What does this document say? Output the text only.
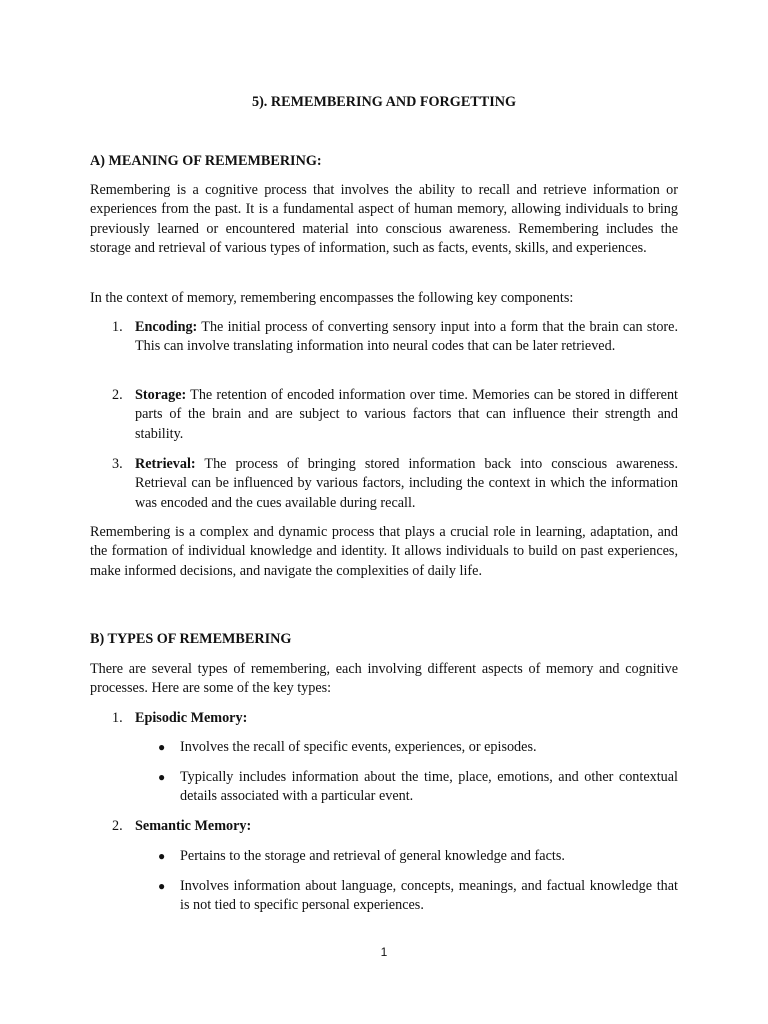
5). REMEMBERING AND FORGETTING
A) MEANING OF REMEMBERING:

Remembering is a cognitive process that involves the ability to recall and retrieve information or experiences from the past. It is a fundamental aspect of human memory, allowing individuals to bring previously learned or encountered material into conscious awareness. Remembering includes the storage and retrieval of various types of information, such as facts, events, skills, and experiences.

In the context of memory, remembering encompasses the following key components:

1. Encoding: The initial process of converting sensory input into a form that the brain can store. This can involve translating information into neural codes that can be later retrieved.
2. Storage: The retention of encoded information over time. Memories can be stored in different parts of the brain and are subject to various factors that can influence their strength and stability.
3. Retrieval: The process of bringing stored information back into conscious awareness. Retrieval can be influenced by various factors, including the context in which the information was encoded and the cues available during recall.

Remembering is a complex and dynamic process that plays a crucial role in learning, adaptation, and the formation of individual knowledge and identity. It allows individuals to build on past experiences, make informed decisions, and navigate the complexities of daily life.

B) TYPES OF REMEMBERING

There are several types of remembering, each involving different aspects of memory and cognitive processes. Here are some of the key types:

1. Episodic Memory:
● Involves the recall of specific events, experiences, or episodes.
● Typically includes information about the time, place, emotions, and other contextual details associated with a particular event.
2. Semantic Memory:
● Pertains to the storage and retrieval of general knowledge and facts.
● Involves information about language, concepts, meanings, and factual knowledge that is not tied to specific personal experiences.
1
